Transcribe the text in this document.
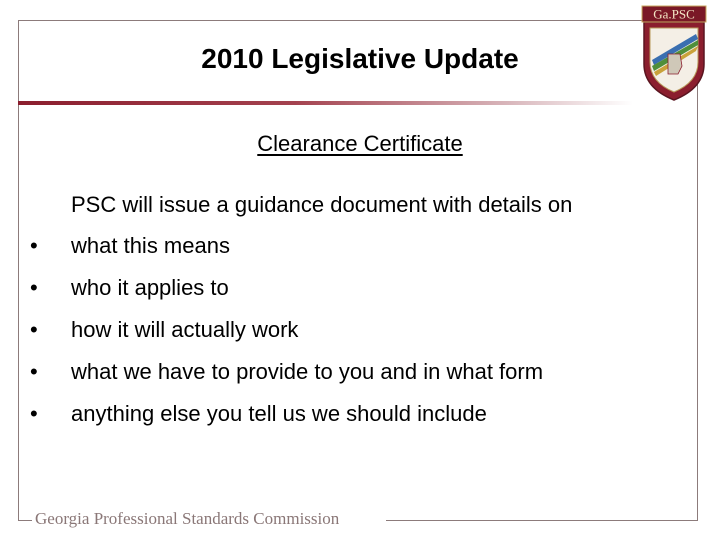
2010 Legislative Update
Ga.PSC
Clearance Certificate
PSC will issue a guidance document with details on
•	what this means
•	who it applies to
•	how it will actually work
•	what we have to provide to you and in what form
•	anything else you tell us we should include
Georgia Professional Standards Commission
